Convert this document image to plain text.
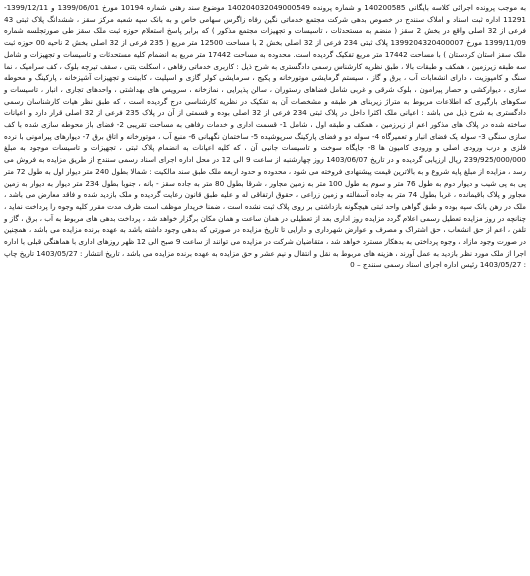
به موجب پرونده اجرائی کلاسه بایگانی 140200585 و شماره پرونده 140204032049000549 موضوع سند رهنی شماره 10194 مورخ 1399/06/01 و 1399/12/11-11291 اداره ثبت اسناد و املاک سنندج در خصوص بدهی شرکت مجتمع خدماتی نگین رفاه زاگرس سهامی خاص و به بانک سپه شعبه مرکز سقز ، ششدانگ پلاک ثبتی 43 فرعی از 32 اصلی واقع در بخش 2 سقز ( منضم به مستحدثات ، تاسیسات و تجهیزات مجتمع مذکور ) که برابر پاسخ استعلام حوزه ثبت ملک سقز طی صورتجلسه شماره 1399/11/09 مورخ 1399204320400007 پلاک ثبتی 234 فرعی از 32 اصلی بخش 2 با مساحت 12500 متر مربع ( 235 فرعی از 32 اصلی بخش 2 ناحیه 00 حوزه ثبت ملک سقز استان کردستان ) با مساحت 17442 متر مربع تفکیک گردیده است. محدوده به مساحت 17442 متر مربع به انضمام کلیه مستحدثات و تاسیسات و تجهیزات و شامل سه طبقه زیرزمین ، همکف و طبقات بالا ، طبق نظریه کارشناس رسمی دادگستری به شرح ذیل : کاربری خدماتی رفاهی ، اسکلت بتنی ، سقف تیرچه بلوک ، کف سرامیک ، نما سنگ و کامپوزیت ، دارای انشعابات آب ، برق و گاز ، سیستم گرمایشی موتورخانه و پکیج ، سرمایشی کولر گازی و اسپلیت ، کابینت و تجهیزات آشپزخانه ، پارکینگ و محوطه سازی ، دیوارکشی و حصار پیرامون ، بلوک شرقی و غربی شامل فضاهای رستوران ، سالن پذیرایی ، نمازخانه ، سرویس های بهداشتی ، واحدهای تجاری ، انبار ، تاسیسات و سکوهای بارگیری که اطلاعات مربوط به متراژ زیربنای هر طبقه و مشخصات آن به تفکیک در نظریه کارشناسی درج گردیده است ، که طبق نظر هیات کارشناسان رسمی دادگستری به شرح ذیل می باشد : اعیانی ملک اکثرا داخل در پلاک ثبتی 234 فرعی از 32 اصلی بوده و قسمتی از آن در پلاک 235 فرعی از 32 اصلی قرار دارد و اعیانات ساخته شده در پلاک های مذکور اعم از زیرزمین ، همکف و طبقه اول ، شامل 1- قسمت اداری و خدمات رفاهی به مساحت تقریبی 2- فضای باز محوطه سازی شده با کف سازی سنگی 3- سوله یک فضای انبار و تعمیرگاه 4- سوله دو و فضای پارکینگ سرپوشیده 5- ساختمان نگهبانی 6- منبع آب ، موتورخانه و اتاق برق 7- دیوارهای پیرامونی با نرده فلزی و درب ورودی اصلی و ورودی کامیون ها 8- جایگاه سوخت و تاسیسات جانبی آن ، که کلیه اعیانات به انضمام پلاک ثبتی ، تجهیزات و تاسیسات موجود به مبلغ 239/925/000/000 ریال ارزیابی گردیده و در تاریخ 1403/06/07 روز چهارشنبه از ساعت 9 الی 12 در محل اداره اجرای اسناد رسمی سنندج از طریق مزایده به فروش می رسد ، مزایده از مبلغ پایه شروع و به بالاترین قیمت پیشنهادی فروخته می شود ، محدوده و حدود اربعه ملک طبق سند مالکیت : شمالا بطول 240 متر دیوار اول به طول 72 متر پی به پی شیب و دیوار دوم به طول 76 متر و سوم به طول 100 متر به زمین مجاور ، شرقا بطول 80 متر به جاده سقز - بانه ، جنوبا بطول 234 متر دیوار به دیوار به زمین مجاور و پلاک باقیمانده ، غربا بطول 74 متر به جاده آسفالته و زمین زراعی ، حقوق ارتفاقی له و علیه طبق قانون رعایت گردیده و ملک بازدید شده و فاقد معارض می باشد ، ملک در رهن بانک سپه بوده و طبق گواهی واحد ثبتی هیچگونه بازداشتی بر روی پلاک ثبت نشده است ، ضمنا خریدار موظف است ظرف مدت مقرر کلیه وجوه را پرداخت نماید ، چنانچه در روز مزایده تعطیل رسمی اعلام گردد مزایده روز اداری بعد از تعطیلی در همان ساعت و همان مکان برگزار خواهد شد ، پرداخت بدهی های مربوط به آب ، برق ، گاز و تلفن ، اعم از حق انشعاب ، حق اشتراک و مصرف و عوارض شهرداری و دارایی تا تاریخ مزایده در صورتی که بدهی وجود داشته باشد به عهده برنده مزایده می باشد ، همچنین در صورت وجود مازاد ، وجوه پرداختی به بدهکار مسترد خواهد شد ، متقاضیان شرکت در مزایده می توانند از ساعت 9 صبح الی 12 ظهر روزهای اداری با هماهنگی قبلی با اداره اجرا از ملک مورد نظر بازدید به عمل آورند ، هزینه های مربوط به نقل و انتقال و نیم عشر و حق مزایده به عهده برنده مزایده می باشد ، تاریخ انتشار : 1403/05/27 تاریخ چاپ : 1403/05/27 رئیس اداره اجرای اسناد رسمی سنندج – 0
